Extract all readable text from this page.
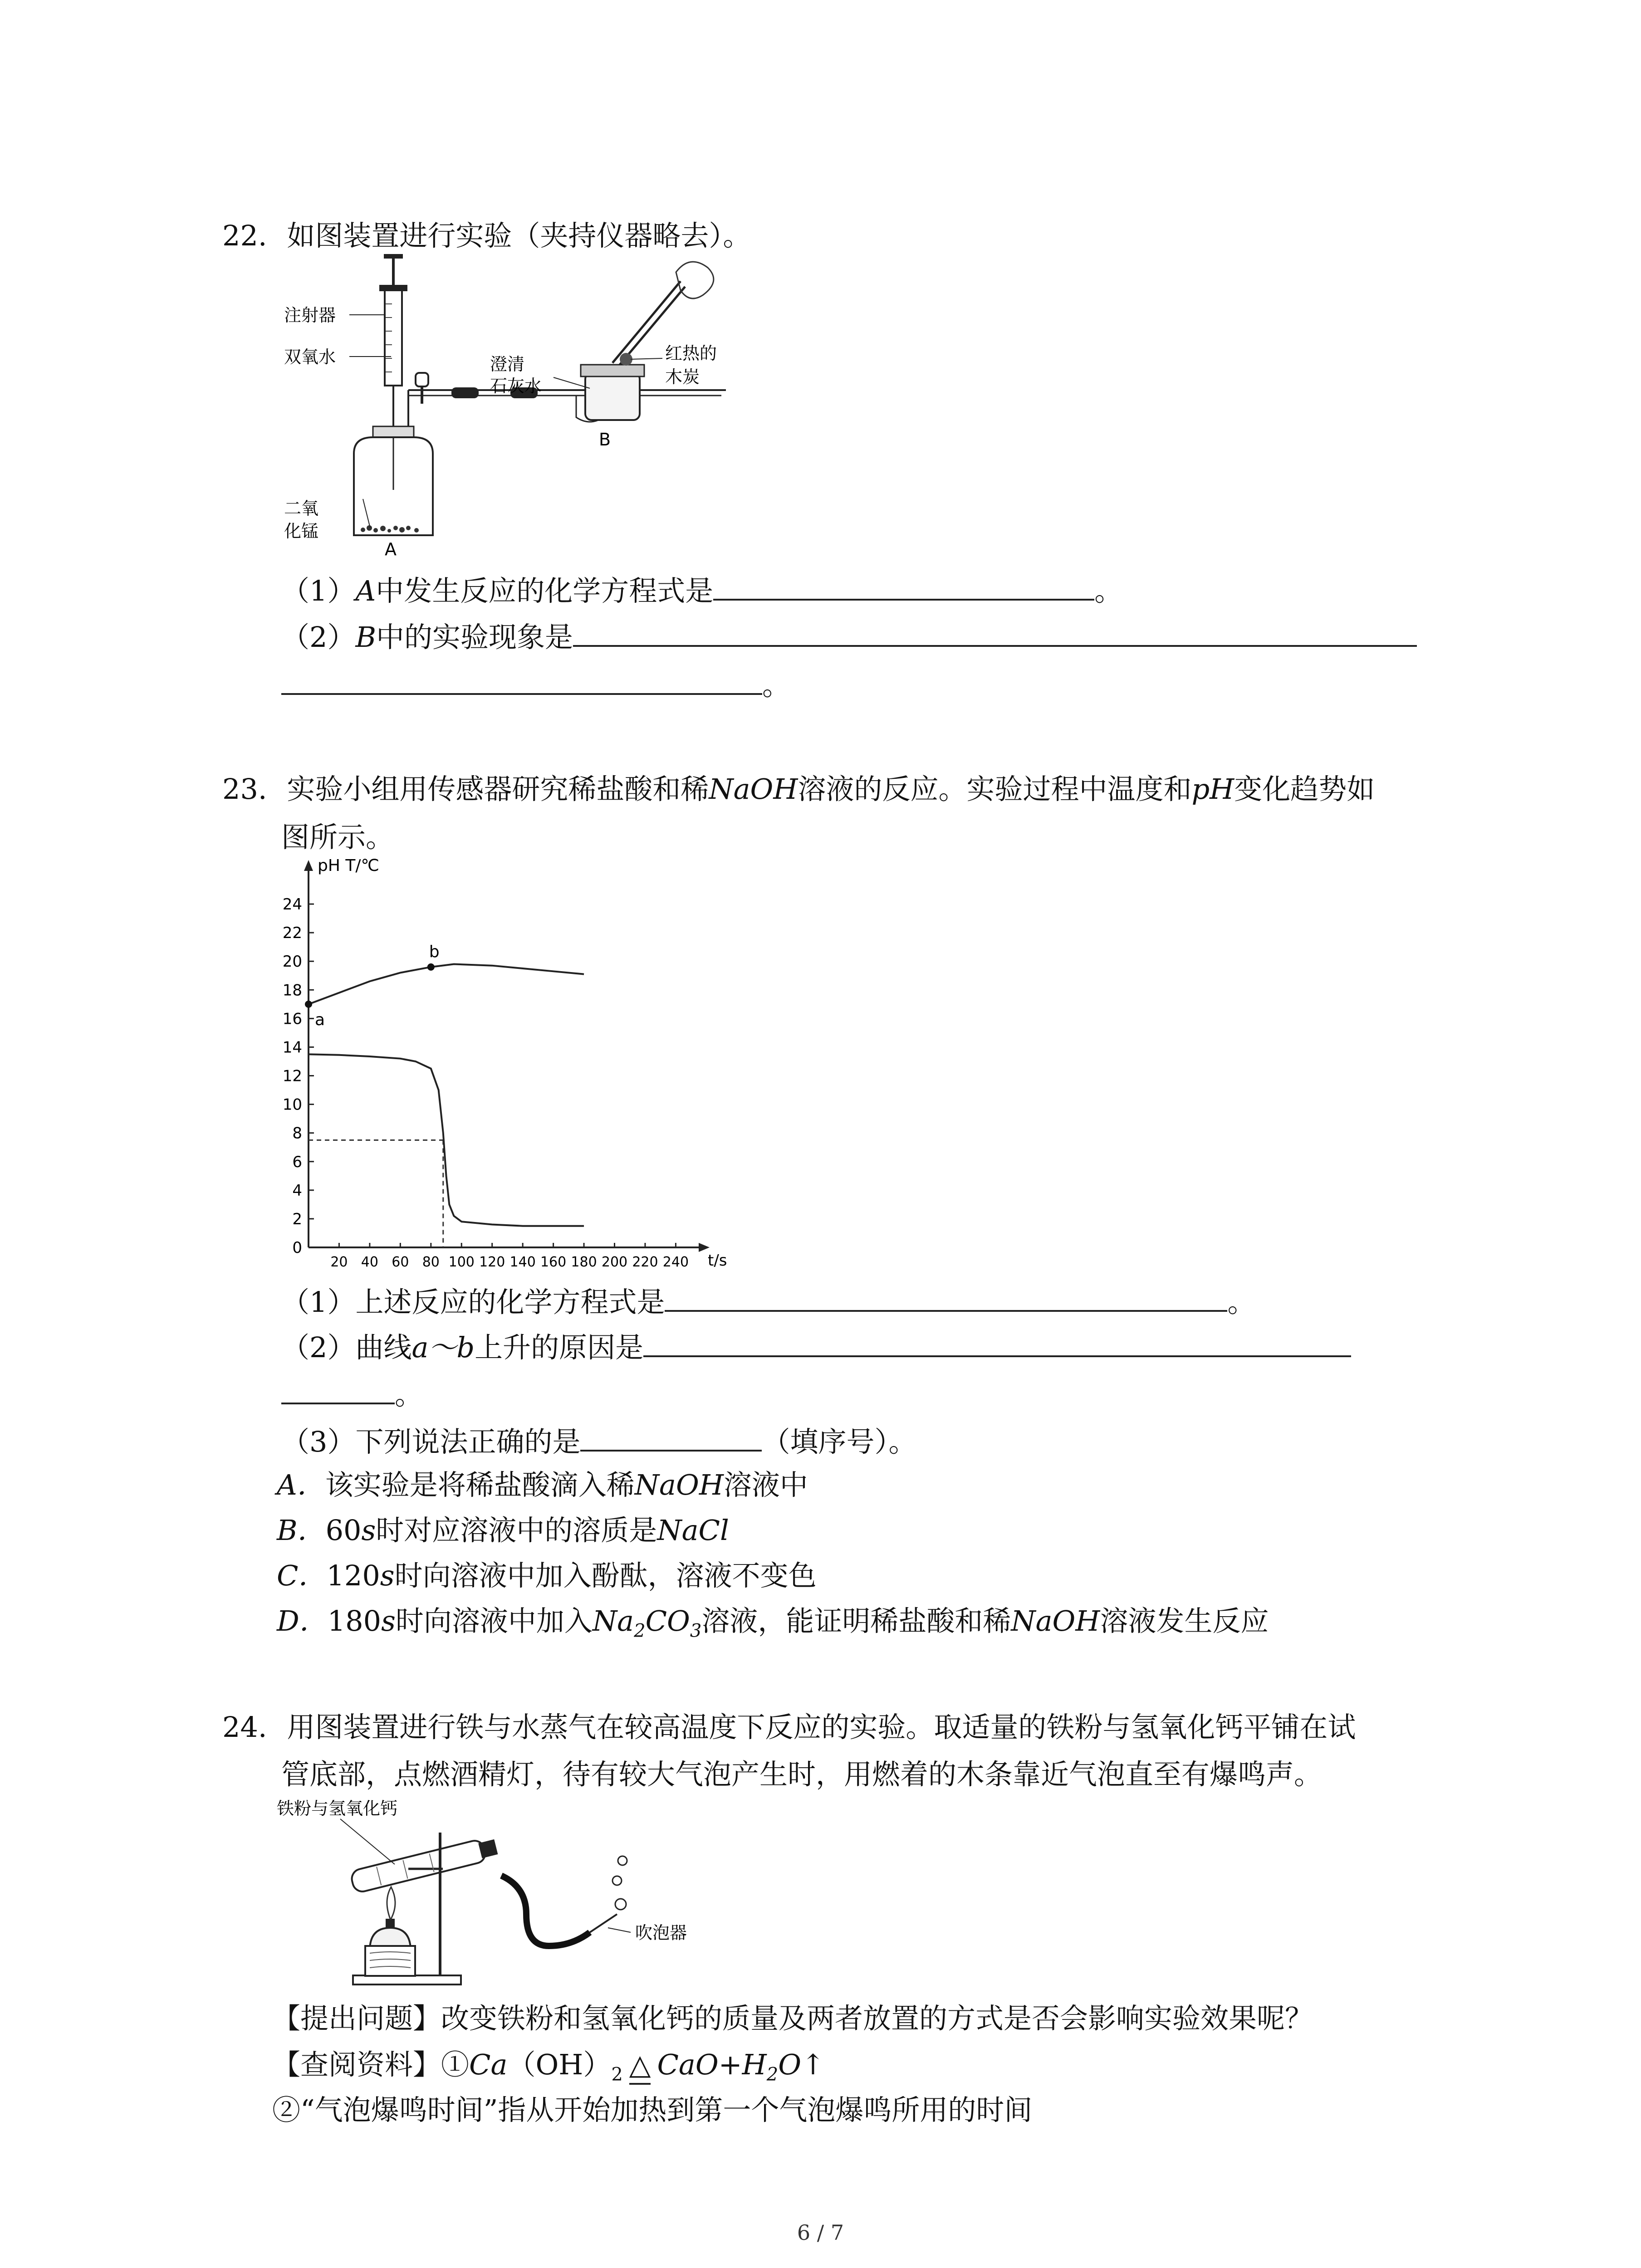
22. 如图装置进行实验（夹持仪器略去）。
注射器
双氧水
二氧
化锰
A
澄清
石灰水
红热的
木炭
B
（1）A中发生反应的化学方程式是	。
（2）B中的实验现象是
。
23. 实验小组用传感器研究稀盐酸和稀NaOH溶液的反应。实验过程中温度和pH变化趋势如
图所示。
pH T/℃
t/s
0
2
4
6
8
10
12
14
16
18
20
22
24
20 40 60 80 100 120 140 160 180 200 220 240
a
b
（1）上述反应的化学方程式是	。
（2）曲线a～b上升的原因是
。
（3）下列说法正确的是	（填序号）。
A．该实验是将稀盐酸滴入稀NaOH溶液中
B．60s时对应溶液中的溶质是NaCl
C．120s时向溶液中加入酚酞，溶液不变色
D．180s时向溶液中加入$Na_2CO_3$溶液，能证明稀盐酸和稀NaOH溶液发生反应
24. 用图装置进行铁与水蒸气在较高温度下反应的实验。取适量的铁粉与氢氧化钙平铺在试
管底部，点燃酒精灯，待有较大气泡产生时，用燃着的木条靠近气泡直至有爆鸣声。
铁粉与氢氧化钙
吹泡器
【提出问题】改变铁粉和氢氧化钙的质量及两者放置的方式是否会影响实验效果呢？
【查阅资料】$①Ca(OH)_2$ △ $CaO+H_2O↑$
②“气泡爆鸣时间”指从开始加热到第一个气泡爆鸣所用的时间
6 / 7
